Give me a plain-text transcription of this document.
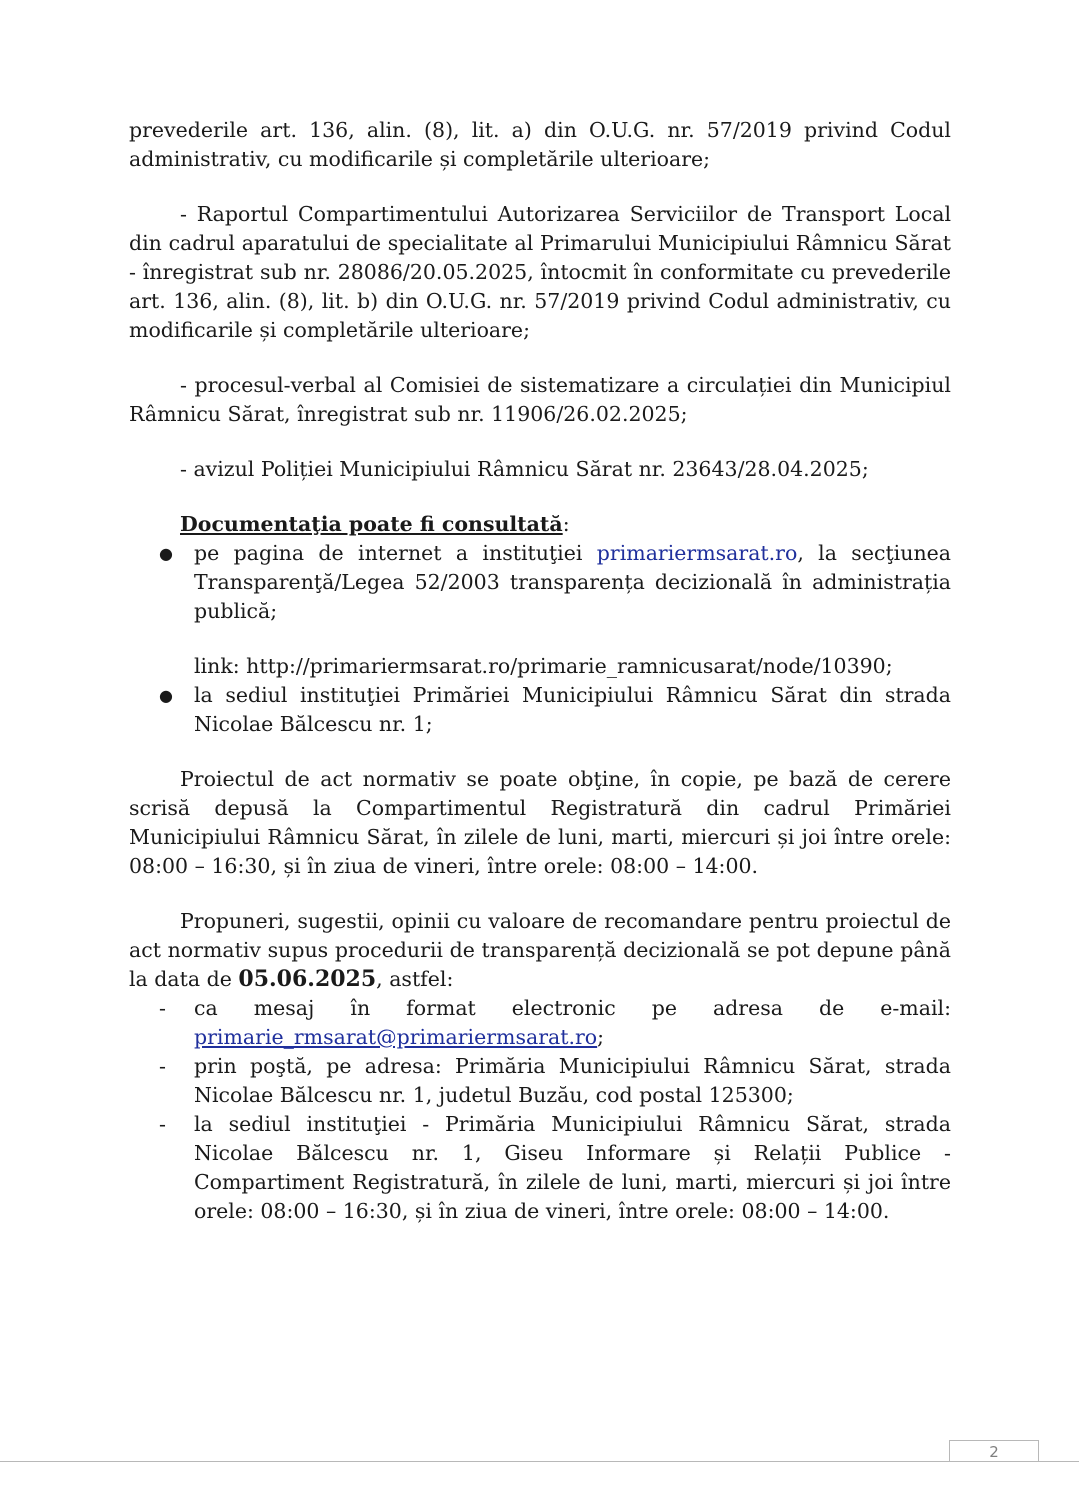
prevederile art. 136, alin. (8), lit. a) din O.U.G. nr. 57/2019 privind Codul administrativ, cu modificarile și completările ulterioare;

- Raportul Compartimentului Autorizarea Serviciilor de Transport Local din cadrul aparatului de specialitate al Primarului Municipiului Râmnicu Sărat - înregistrat sub nr. 28086/20.05.2025, întocmit în conformitate cu prevederile art. 136, alin. (8), lit. b) din O.U.G. nr. 57/2019 privind Codul administrativ, cu modificarile și completările ulterioare;

- procesul-verbal al Comisiei de sistematizare a circulației din Municipiul Râmnicu Sărat, înregistrat sub nr. 11906/26.02.2025;

- avizul Poliției Municipiului Râmnicu Sărat nr. 23643/28.04.2025;

Documentaţia poate fi consultată:

● pe pagina de internet a instituţiei primariermsarat.ro, la secţiunea Transparenţă/Legea 52/2003 transparența decizională în administrația publică;

link: http://primariermsarat.ro/primarie_ramnicusarat/node/10390;

● la sediul instituţiei Primăriei Municipiului Râmnicu Sărat din strada Nicolae Bălcescu nr. 1;

Proiectul de act normativ se poate obţine, în copie, pe bază de cerere scrisă depusă la Compartimentul Registratură din cadrul Primăriei Municipiului Râmnicu Sărat, în zilele de luni, marti, miercuri și joi între orele: 08:00 – 16:30, și în ziua de vineri, între orele: 08:00 – 14:00.

Propuneri, sugestii, opinii cu valoare de recomandare pentru proiectul de act normativ supus procedurii de transparență decizională se pot depune până la data de 05.06.2025, astfel:

- ca mesaj în format electronic pe adresa de e-mail: primarie_rmsarat@primariermsarat.ro;
- prin poştă, pe adresa: Primăria Municipiului Râmnicu Sărat, strada Nicolae Bălcescu nr. 1, judetul Buzău, cod postal 125300;
- la sediul instituţiei - Primăria Municipiului Râmnicu Sărat, strada Nicolae Bălcescu nr. 1, Giseu Informare și Relații Publice - Compartiment Registratură, în zilele de luni, marti, miercuri și joi între orele: 08:00 – 16:30, și în ziua de vineri, între orele: 08:00 – 14:00.
2
